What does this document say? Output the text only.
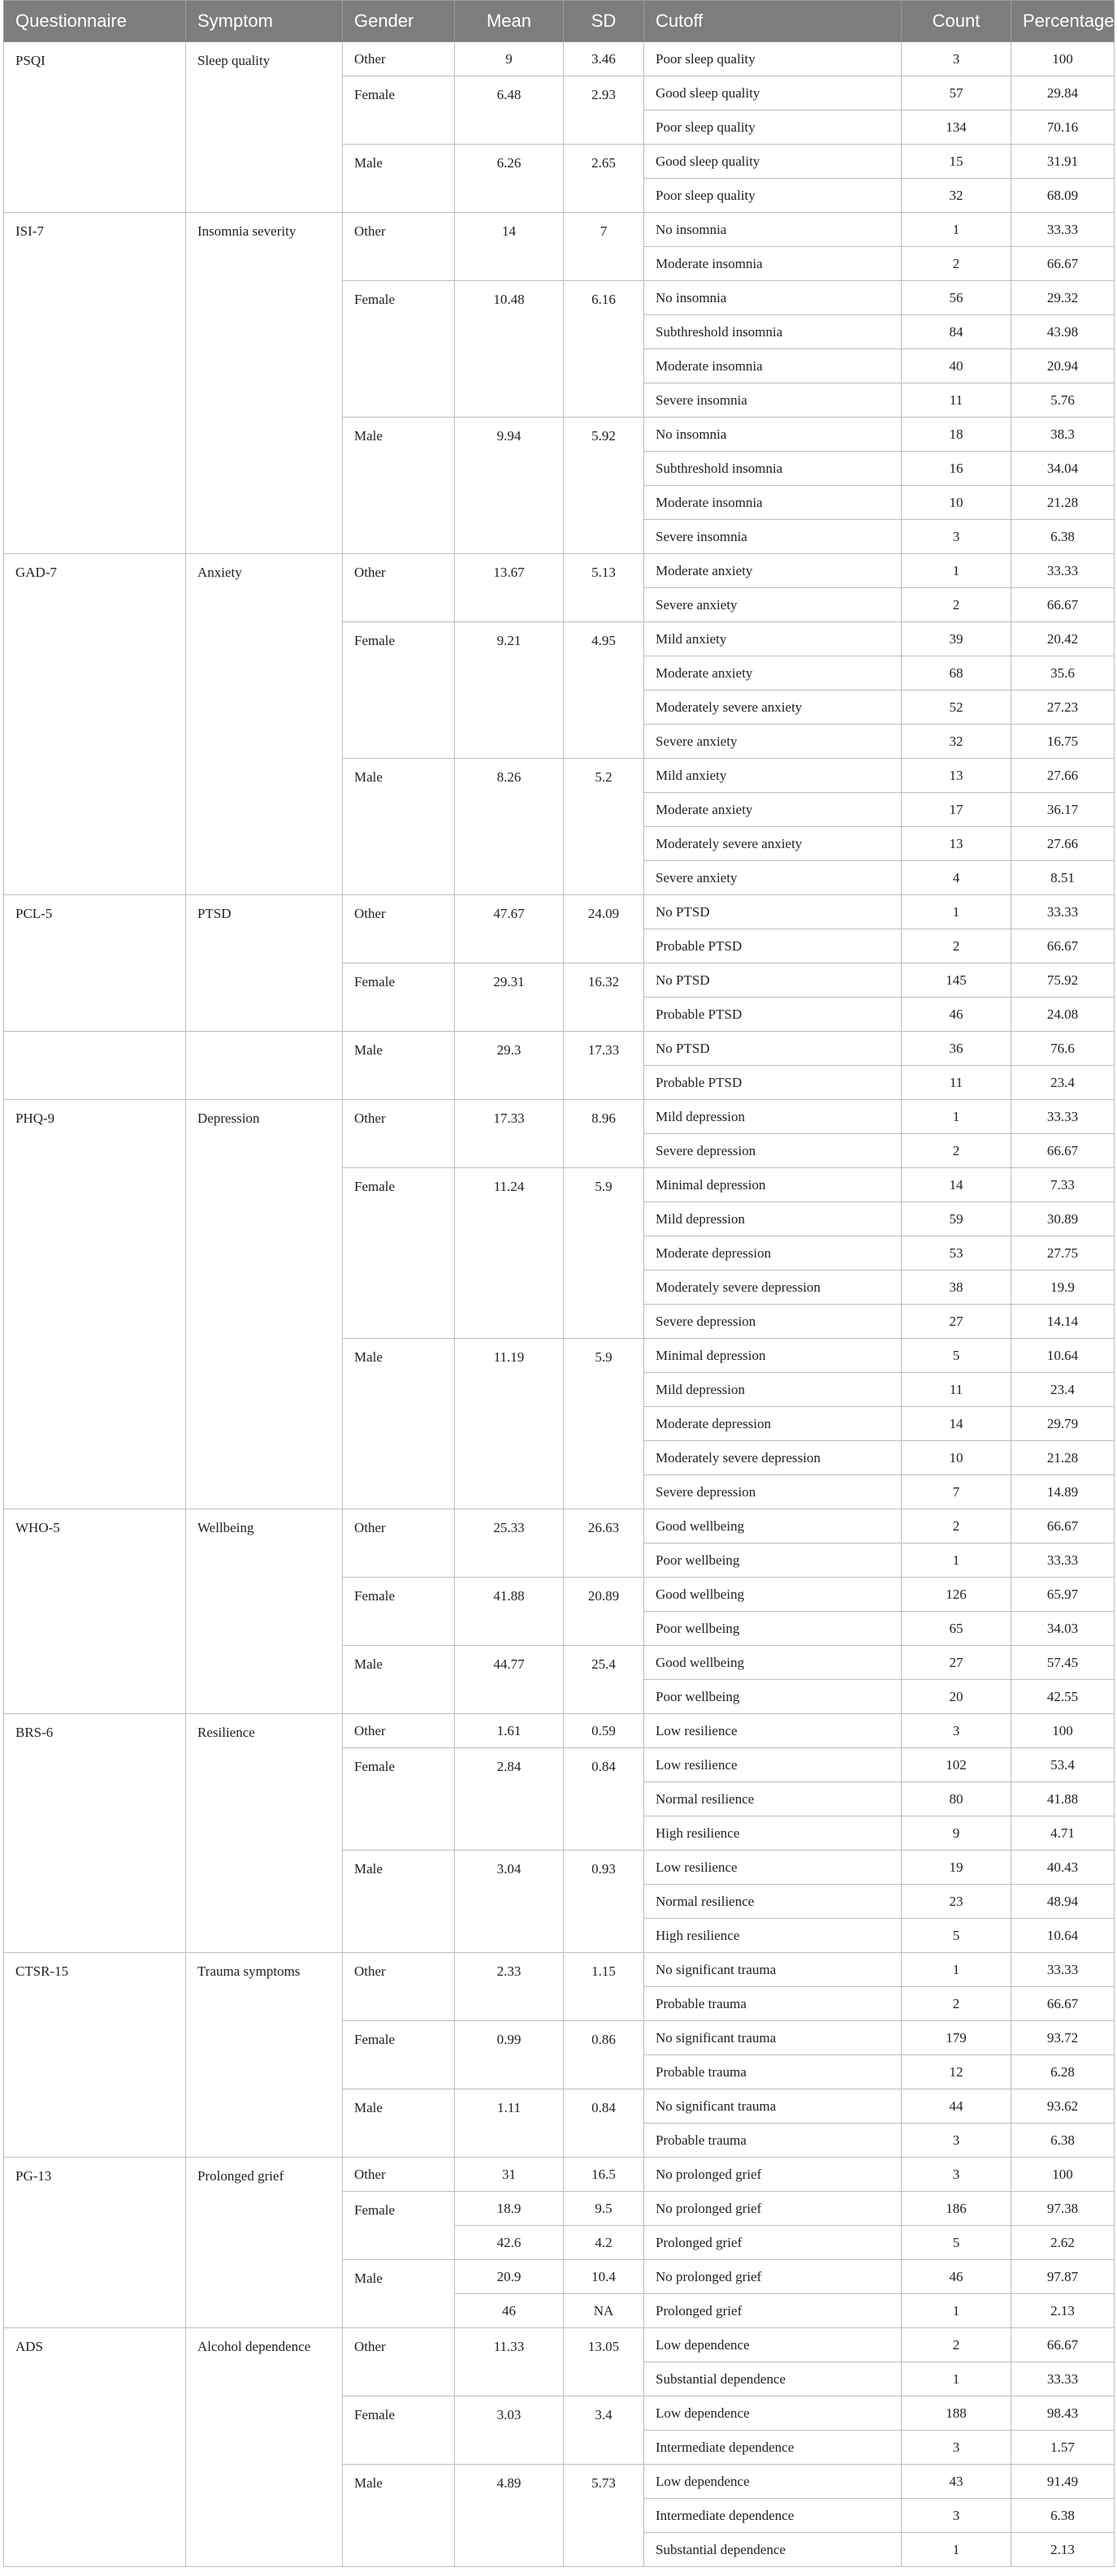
Questionnaire	Symptom	Gender	Mean	SD	Cutoff	Count	Percentage
PSQI	Sleep quality	Other	9	3.46	Poor sleep quality	3	100
		Female	6.48	2.93	Good sleep quality	57	29.84
					Poor sleep quality	134	70.16
		Male	6.26	2.65	Good sleep quality	15	31.91
					Poor sleep quality	32	68.09
ISI-7	Insomnia severity	Other	14	7	No insomnia	1	33.33
					Moderate insomnia	2	66.67
		Female	10.48	6.16	No insomnia	56	29.32
					Subthreshold insomnia	84	43.98
					Moderate insomnia	40	20.94
					Severe insomnia	11	5.76
		Male	9.94	5.92	No insomnia	18	38.3
					Subthreshold insomnia	16	34.04
					Moderate insomnia	10	21.28
					Severe insomnia	3	6.38
GAD-7	Anxiety	Other	13.67	5.13	Moderate anxiety	1	33.33
					Severe anxiety	2	66.67
		Female	9.21	4.95	Mild anxiety	39	20.42
					Moderate anxiety	68	35.6
					Moderately severe anxiety	52	27.23
					Severe anxiety	32	16.75
		Male	8.26	5.2	Mild anxiety	13	27.66
					Moderate anxiety	17	36.17
					Moderately severe anxiety	13	27.66
					Severe anxiety	4	8.51
PCL-5	PTSD	Other	47.67	24.09	No PTSD	1	33.33
					Probable PTSD	2	66.67
		Female	29.31	16.32	No PTSD	145	75.92
					Probable PTSD	46	24.08
		Male	29.3	17.33	No PTSD	36	76.6
					Probable PTSD	11	23.4
PHQ-9	Depression	Other	17.33	8.96	Mild depression	1	33.33
					Severe depression	2	66.67
		Female	11.24	5.9	Minimal depression	14	7.33
					Mild depression	59	30.89
					Moderate depression	53	27.75
					Moderately severe depression	38	19.9
					Severe depression	27	14.14
		Male	11.19	5.9	Minimal depression	5	10.64
					Mild depression	11	23.4
					Moderate depression	14	29.79
					Moderately severe depression	10	21.28
					Severe depression	7	14.89
WHO-5	Wellbeing	Other	25.33	26.63	Good wellbeing	2	66.67
					Poor wellbeing	1	33.33
		Female	41.88	20.89	Good wellbeing	126	65.97
					Poor wellbeing	65	34.03
		Male	44.77	25.4	Good wellbeing	27	57.45
					Poor wellbeing	20	42.55
BRS-6	Resilience	Other	1.61	0.59	Low resilience	3	100
		Female	2.84	0.84	Low resilience	102	53.4
					Normal resilience	80	41.88
					High resilience	9	4.71
		Male	3.04	0.93	Low resilience	19	40.43
					Normal resilience	23	48.94
					High resilience	5	10.64
CTSR-15	Trauma symptoms	Other	2.33	1.15	No significant trauma	1	33.33
					Probable trauma	2	66.67
		Female	0.99	0.86	No significant trauma	179	93.72
					Probable trauma	12	6.28
		Male	1.11	0.84	No significant trauma	44	93.62
					Probable trauma	3	6.38
PG-13	Prolonged grief	Other	31	16.5	No prolonged grief	3	100
		Female	18.9	9.5	No prolonged grief	186	97.38
			42.6	4.2	Prolonged grief	5	2.62
		Male	20.9	10.4	No prolonged grief	46	97.87
			46	NA	Prolonged grief	1	2.13
ADS	Alcohol dependence	Other	11.33	13.05	Low dependence	2	66.67
					Substantial dependence	1	33.33
		Female	3.03	3.4	Low dependence	188	98.43
					Intermediate dependence	3	1.57
		Male	4.89	5.73	Low dependence	43	91.49
					Intermediate dependence	3	6.38
					Substantial dependence	1	2.13
